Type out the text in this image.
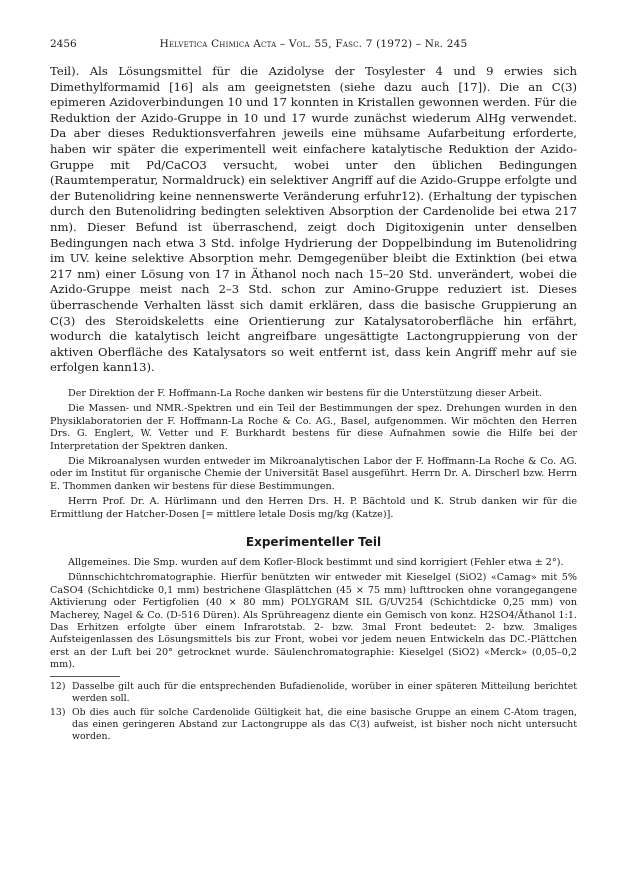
2456	Helvetica Chimica Acta – Vol. 55, Fasc. 7 (1972) – Nr. 245

Teil). Als Lösungsmittel für die Azidolyse der Tosylester 4 und 9 erwies sich Dimethylformamid [16] als am geeignetsten (siehe dazu auch [17]). Die an C(3) epimeren Azidoverbindungen 10 und 17 konnten in Kristallen gewonnen werden. Für die Reduktion der Azido-Gruppe in 10 und 17 wurde zunächst wiederum AlHg verwendet. Da aber dieses Reduktionsverfahren jeweils eine mühsame Aufarbeitung erforderte, haben wir später die experimentell weit einfachere katalytische Reduktion der Azido-Gruppe mit Pd/CaCO3 versucht, wobei unter den üblichen Bedingungen (Raumtemperatur, Normaldruck) ein selektiver Angriff auf die Azido-Gruppe erfolgte und der Butenolidring keine nennenswerte Veränderung erfuhr12). (Erhaltung der typischen durch den Butenolidring bedingten selektiven Absorption der Cardenolide bei etwa 217 nm). Dieser Befund ist überraschend, zeigt doch Digitoxigenin unter denselben Bedingungen nach etwa 3 Std. infolge Hydrierung der Doppelbindung im Butenolidring im UV. keine selektive Absorption mehr. Demgegenüber bleibt die Extinktion (bei etwa 217 nm) einer Lösung von 17 in Äthanol noch nach 15–20 Std. unverändert, wobei die Azido-Gruppe meist nach 2–3 Std. schon zur Amino-Gruppe reduziert ist. Dieses überraschende Verhalten lässt sich damit erklären, dass die basische Gruppierung an C(3) des Steroidskeletts eine Orientierung zur Katalysatoroberfläche hin erfährt, wodurch die katalytisch leicht angreifbare ungesättigte Lactongruppierung von der aktiven Oberfläche des Katalysators so weit entfernt ist, dass kein Angriff mehr auf sie erfolgen kann13).

Der Direktion der F. Hoffmann-La Roche danken wir bestens für die Unterstützung dieser Arbeit.

Die Massen- und NMR.-Spektren und ein Teil der Bestimmungen der spez. Drehungen wurden in den Physiklaboratorien der F. Hoffmann-La Roche & Co. AG., Basel, aufgenommen. Wir möchten den Herren Drs. G. Englert, W. Vetter und F. Burkhardt bestens für diese Aufnahmen sowie die Hilfe bei der Interpretation der Spektren danken.

Die Mikroanalysen wurden entweder im Mikroanalytischen Labor der F. Hoffmann-La Roche & Co. AG. oder im Institut für organische Chemie der Universität Basel ausgeführt. Herrn Dr. A. Dirscherl bzw. Herrn E. Thommen danken wir bestens für diese Bestimmungen.

Herrn Prof. Dr. A. Hürlimann und den Herren Drs. H. P. Bächtold und K. Strub danken wir für die Ermittlung der Hatcher-Dosen [= mittlere letale Dosis mg/kg (Katze)].

Experimenteller Teil

Allgemeines. Die Smp. wurden auf dem Kofler-Block bestimmt und sind korrigiert (Fehler etwa ± 2°).

Dünnschichtchromatographie. Hierfür benützten wir entweder mit Kieselgel (SiO2) «Camag» mit 5% CaSO4 (Schichtdicke 0,1 mm) bestrichene Glasplättchen (45 × 75 mm) lufttrocken ohne vorangegangene Aktivierung oder Fertigfolien (40 × 80 mm) POLYGRAM SIL G/UV254 (Schichtdicke 0,25 mm) von Macherey, Nagel & Co. (D-516 Düren). Als Sprühreagenz diente ein Gemisch von konz. H2SO4/Äthanol 1:1. Das Erhitzen erfolgte über einem Infrarotstab. 2- bzw. 3mal Front bedeutet: 2- bzw. 3maliges Aufsteigenlassen des Lösungsmittels bis zur Front, wobei vor jedem neuen Entwickeln das DC.-Plättchen erst an der Luft bei 20° getrocknet wurde. Säulenchromatographie: Kieselgel (SiO2) «Merck» (0,05–0,2 mm).

12) Dasselbe gilt auch für die entsprechenden Bufadienolide, worüber in einer späteren Mitteilung berichtet werden soll.
13) Ob dies auch für solche Cardenolide Gültigkeit hat, die eine basische Gruppe an einem C-Atom tragen, das einen geringeren Abstand zur Lactongruppe als das C(3) aufweist, ist bisher noch nicht untersucht worden.
